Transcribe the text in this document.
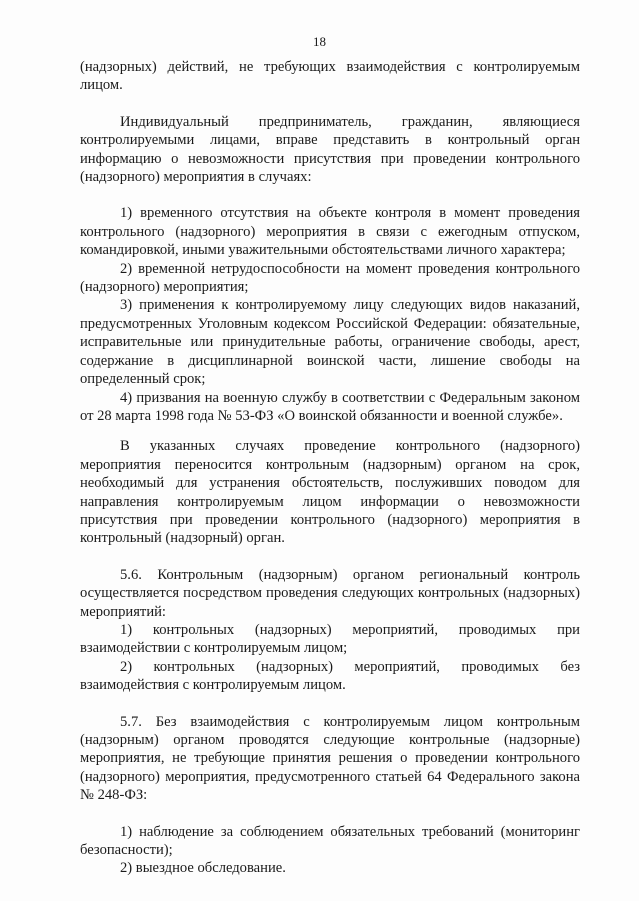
18

(надзорных) действий, не требующих взаимодействия с контролируемым лицом.

Индивидуальный предприниматель, гражданин, являющиеся контролируемыми лицами, вправе представить в контрольный орган информацию о невозможности присутствия при проведении контрольного (надзорного) мероприятия в случаях:

1) временного отсутствия на объекте контроля в момент проведения контрольного (надзорного) мероприятия в связи с ежегодным отпуском, командировкой, иными уважительными обстоятельствами личного характера;

2) временной нетрудоспособности на момент проведения контрольного (надзорного) мероприятия;

3) применения к контролируемому лицу следующих видов наказаний, предусмотренных Уголовным кодексом Российской Федерации: обязательные, исправительные или принудительные работы, ограничение свободы, арест, содержание в дисциплинарной воинской части, лишение свободы на определенный срок;

4) призвания на военную службу в соответствии с Федеральным законом от 28 марта 1998 года № 53-ФЗ «О воинской обязанности и военной службе».

В указанных случаях проведение контрольного (надзорного) мероприятия переносится контрольным (надзорным) органом на срок, необходимый для устранения обстоятельств, послуживших поводом для направления контролируемым лицом информации о невозможности присутствия при проведении контрольного (надзорного) мероприятия в контрольный (надзорный) орган.

5.6. Контрольным (надзорным) органом региональный контроль осуществляется посредством проведения следующих контрольных (надзорных) мероприятий:

1) контрольных (надзорных) мероприятий, проводимых при взаимодействии с контролируемым лицом;

2) контрольных (надзорных) мероприятий, проводимых без взаимодействия с контролируемым лицом.

5.7. Без взаимодействия с контролируемым лицом контрольным (надзорным) органом проводятся следующие контрольные (надзорные) мероприятия, не требующие принятия решения о проведении контрольного (надзорного) мероприятия, предусмотренного статьей 64 Федерального закона № 248-ФЗ:

1) наблюдение за соблюдением обязательных требований (мониторинг безопасности);

2) выездное обследование.
